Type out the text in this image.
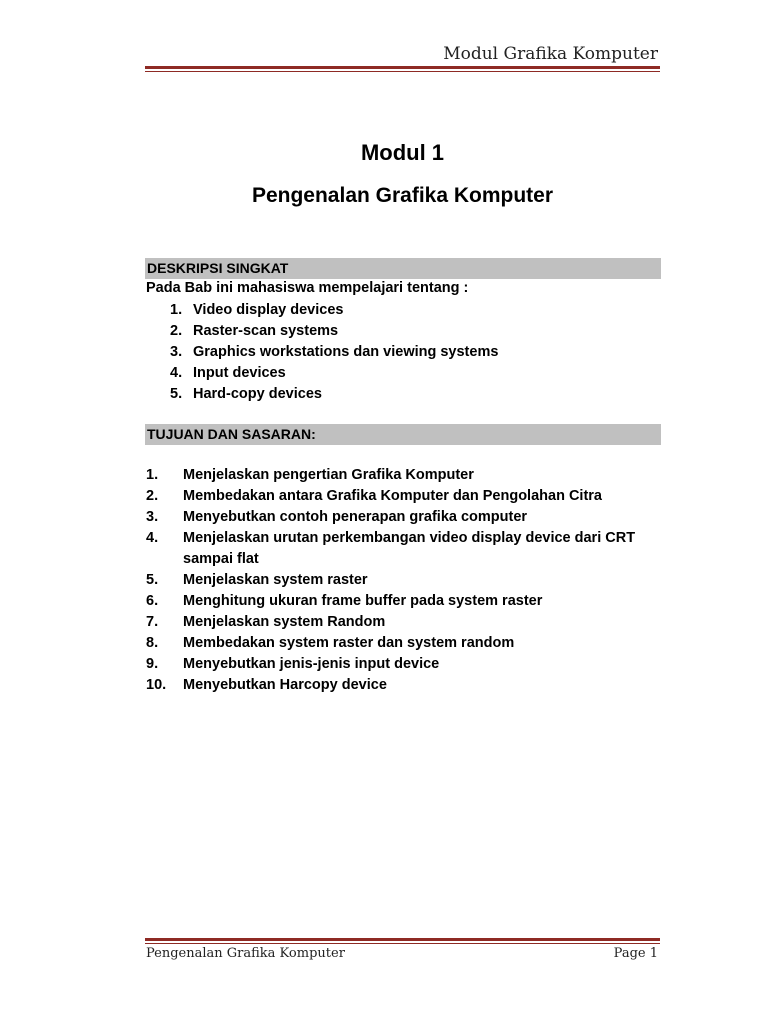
Modul Grafika Komputer
Modul 1
Pengenalan Grafika Komputer
DESKRIPSI SINGKAT
Pada Bab ini mahasiswa mempelajari tentang :
1. Video display devices
2. Raster-scan systems
3. Graphics workstations dan viewing systems
4. Input devices
5. Hard-copy devices
TUJUAN DAN SASARAN:
1. Menjelaskan pengertian Grafika Komputer
2. Membedakan antara Grafika Komputer dan Pengolahan Citra
3. Menyebutkan contoh penerapan grafika computer
4. Menjelaskan urutan perkembangan video display device dari CRT sampai flat
5. Menjelaskan system raster
6. Menghitung ukuran frame buffer pada system raster
7. Menjelaskan system Random
8. Membedakan system raster dan system random
9. Menyebutkan jenis-jenis input device
10. Menyebutkan Harcopy device
Pengenalan Grafika Komputer	Page 1
